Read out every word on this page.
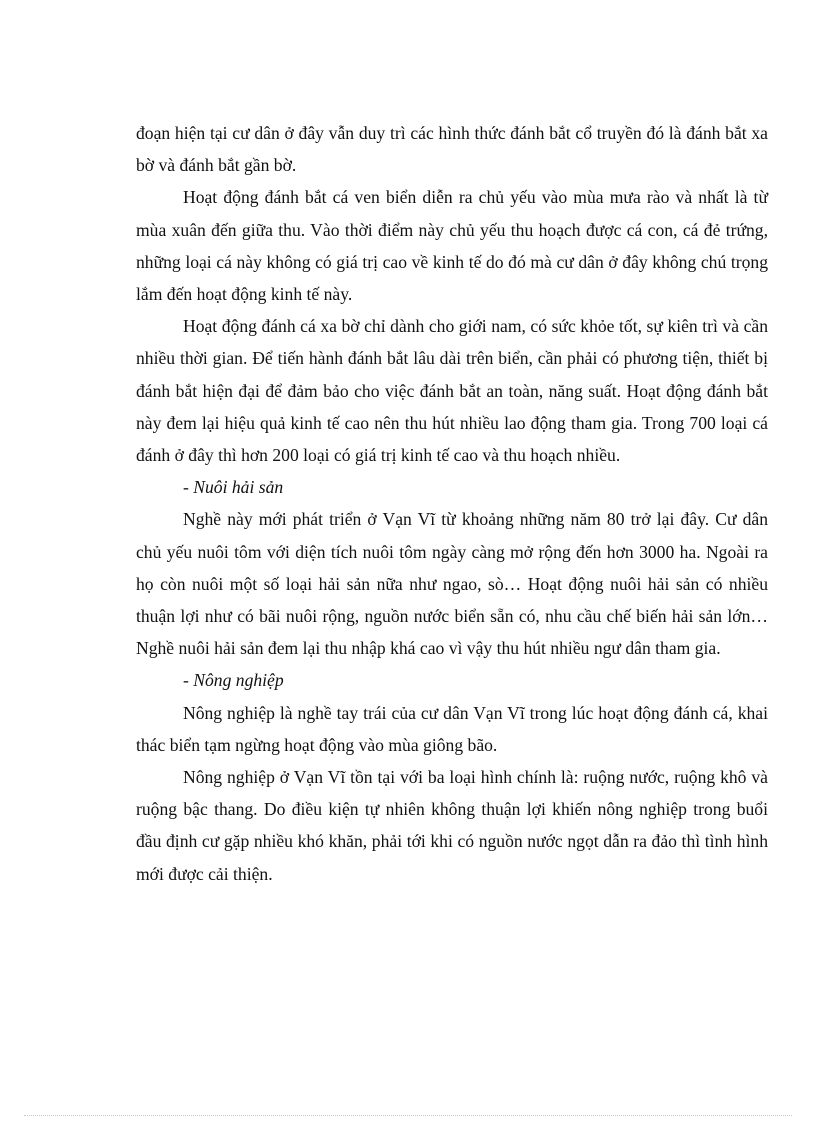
đoạn hiện tại cư dân ở đây vẫn duy trì các hình thức đánh bắt cổ truyền đó là đánh bắt xa bờ và đánh bắt gần bờ.

Hoạt động đánh bắt cá ven biển diễn ra chủ yếu vào mùa mưa rào và nhất là từ mùa xuân đến giữa thu. Vào thời điểm này chủ yếu thu hoạch được cá con, cá đẻ trứng, những loại cá này không có giá trị cao về kinh tế do đó mà cư dân ở đây không chú trọng lắm đến hoạt động kinh tế này.

Hoạt động đánh cá xa bờ chỉ dành cho giới nam, có sức khỏe tốt, sự kiên trì và cần nhiều thời gian. Để tiến hành đánh bắt lâu dài trên biển, cần phải có phương tiện, thiết bị đánh bắt hiện đại để đảm bảo cho việc đánh bắt an toàn, năng suất. Hoạt động đánh bắt này đem lại hiệu quả kinh tế cao nên thu hút nhiều lao động tham gia. Trong 700 loại cá đánh ở đây thì hơn 200 loại có giá trị kinh tế cao và thu hoạch nhiều.

- Nuôi hải sản

Nghề này mới phát triển ở Vạn Vĩ từ khoảng những năm 80 trở lại đây. Cư dân chủ yếu nuôi tôm với diện tích nuôi tôm ngày càng mở rộng đến hơn 3000 ha. Ngoài ra họ còn nuôi một số loại hải sản nữa như ngao, sò… Hoạt động nuôi hải sản có nhiều thuận lợi như có bãi nuôi rộng, nguồn nước biển sẵn có, nhu cầu chế biến hải sản lớn… Nghề nuôi hải sản đem lại thu nhập khá cao vì vậy thu hút nhiều ngư dân tham gia.

- Nông nghiệp

Nông nghiệp là nghề tay trái của cư dân Vạn Vĩ trong lúc hoạt động đánh cá, khai thác biển tạm ngừng hoạt động vào mùa giông bão.

Nông nghiệp ở Vạn Vĩ tồn tại với ba loại hình chính là: ruộng nước, ruộng khô và ruộng bậc thang. Do điều kiện tự nhiên không thuận lợi khiến nông nghiệp trong buổi đầu định cư gặp nhiều khó khăn, phải tới khi có nguồn nước ngọt dẫn ra đảo thì tình hình mới được cải thiện.
